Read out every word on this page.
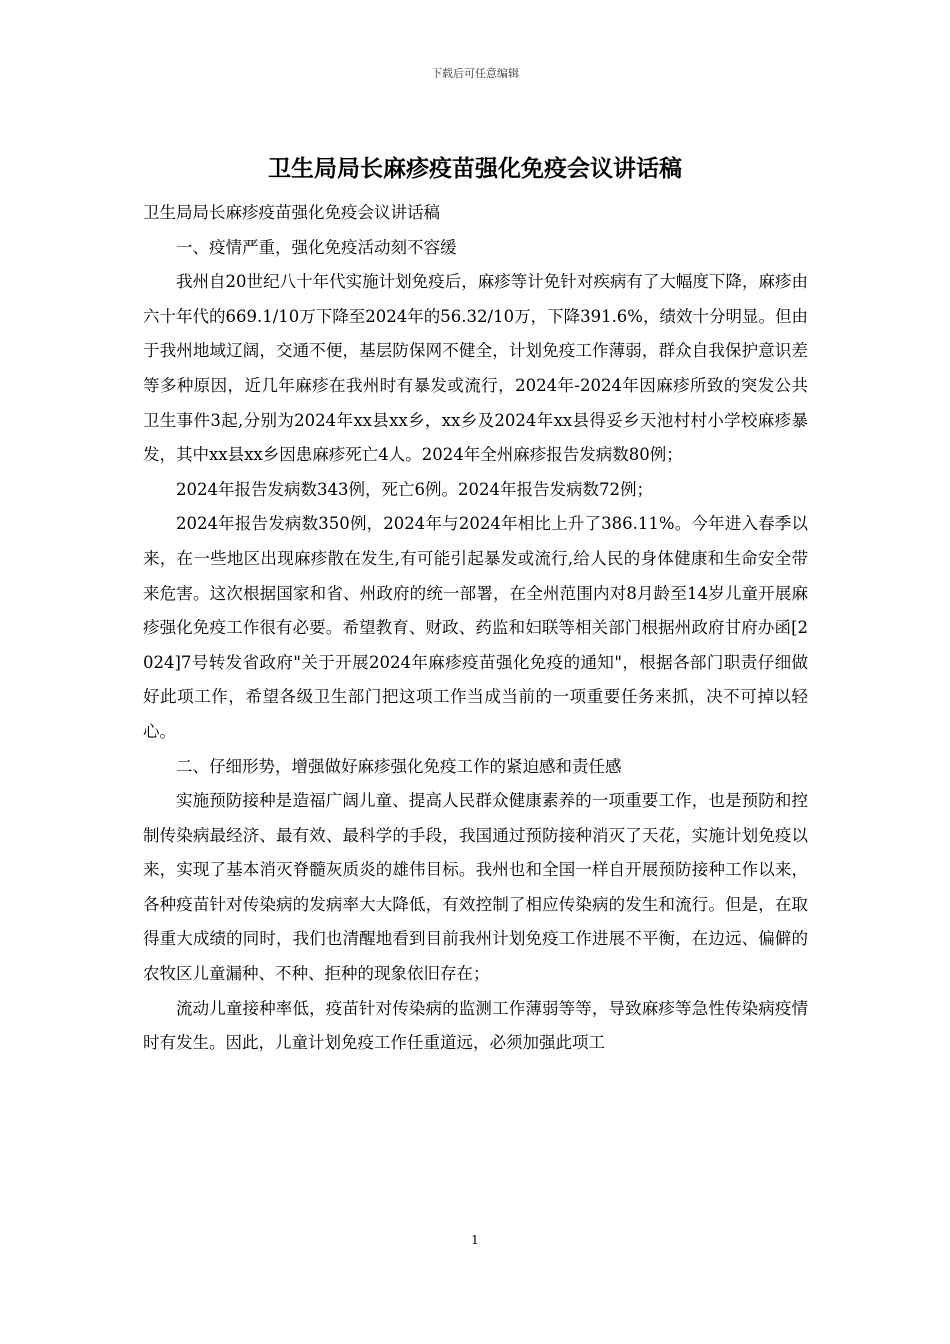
下载后可任意编辑
卫生局局长麻疹疫苗强化免疫会议讲话稿

卫生局局长麻疹疫苗强化免疫会议讲话稿

一、疫情严重，强化免疫活动刻不容缓

我州自20世纪八十年代实施计划免疫后，麻疹等计免针对疾病有了大幅度下降，麻疹由六十年代的669.1/10万下降至2024年的56.32/10万，下降391.6%，绩效十分明显。但由于我州地域辽阔，交通不便，基层防保网不健全，计划免疫工作薄弱，群众自我保护意识差等多种原因，近几年麻疹在我州时有暴发或流行，2024年-2024年因麻疹所致的突发公共卫生事件3起,分别为2024年xx县xx乡，xx乡及2024年xx县得妥乡天池村村小学校麻疹暴发，其中xx县xx乡因患麻疹死亡4人。2024年全州麻疹报告发病数80例；

2024年报告发病数343例，死亡6例。2024年报告发病数72例；

2024年报告发病数350例，2024年与2024年相比上升了386.11%。今年进入春季以来，在一些地区出现麻疹散在发生,有可能引起暴发或流行,给人民的身体健康和生命安全带来危害。这次根据国家和省、州政府的统一部署，在全州范围内对8月龄至14岁儿童开展麻疹强化免疫工作很有必要。希望教育、财政、药监和妇联等相关部门根据州政府甘府办函[2024]7号转发省政府"关于开展2024年麻疹疫苗强化免疫的通知"，根据各部门职责仔细做好此项工作，希望各级卫生部门把这项工作当成当前的一项重要任务来抓，决不可掉以轻心。

二、仔细形势，增强做好麻疹强化免疫工作的紧迫感和责任感

实施预防接种是造福广阔儿童、提高人民群众健康素养的一项重要工作，也是预防和控制传染病最经济、最有效、最科学的手段，我国通过预防接种消灭了天花，实施计划免疫以来，实现了基本消灭脊髓灰质炎的雄伟目标。我州也和全国一样自开展预防接种工作以来，各种疫苗针对传染病的发病率大大降低，有效控制了相应传染病的发生和流行。但是，在取得重大成绩的同时，我们也清醒地看到目前我州计划免疫工作进展不平衡，在边远、偏僻的农牧区儿童漏种、不种、拒种的现象依旧存在；

流动儿童接种率低，疫苗针对传染病的监测工作薄弱等等，导致麻疹等急性传染病疫情时有发生。因此，儿童计划免疫工作任重道远，必须加强此项工

1
